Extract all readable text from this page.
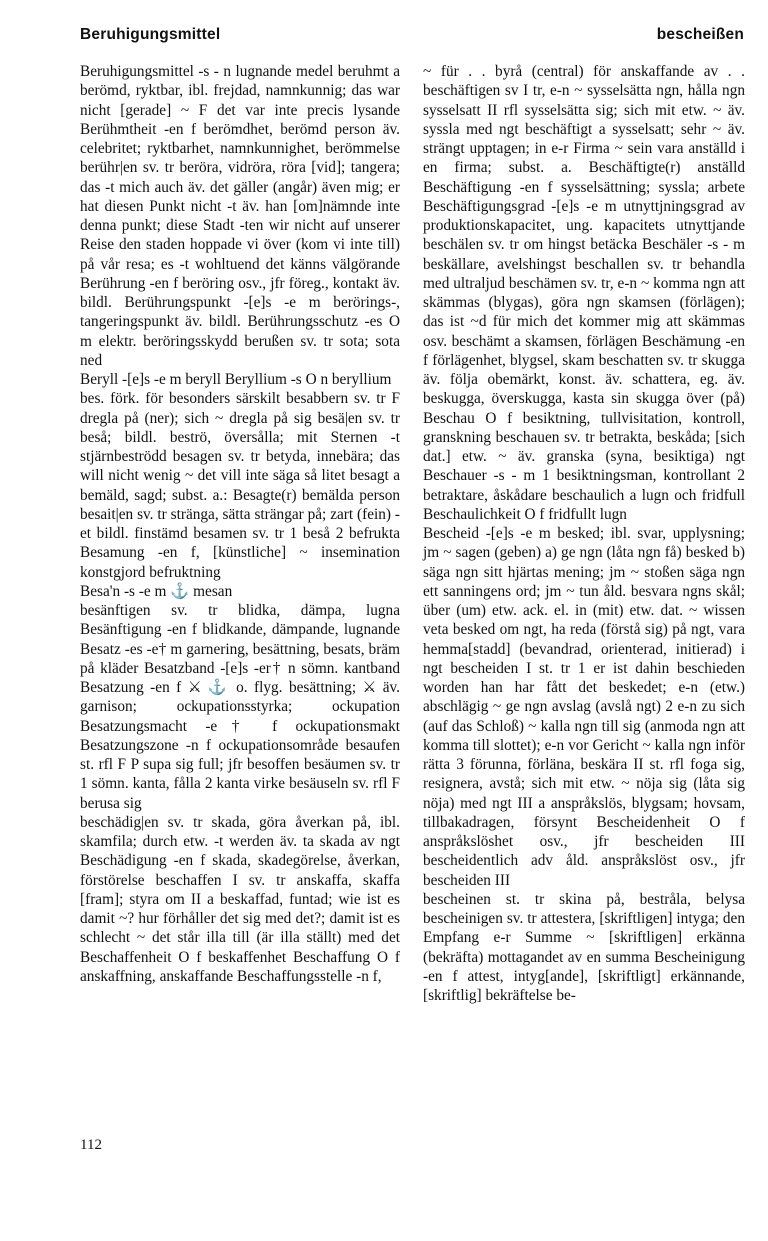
Beruhigungsmittel	bescheißen

Beruhigungsmittel -s - n lugnande medel beruhmt a berömd, ryktbar, ibl. frejdad, namnkunnig; das war nicht [gerade] ~ F det var inte precis lysande Berühmtheit -en f berömdhet, berömd person äv. celebritet; ryktbarhet, namnkunnighet, berömmelse berühr|en sv. tr beröra, vidröra, röra [vid]; tangera; das -t mich auch äv. det gäller (angår) även mig; er hat diesen Punkt nicht -t äv. han [om]nämnde inte denna punkt; diese Stadt -ten wir nicht auf unserer Reise den staden hoppade vi över (kom vi inte till) på vår resa; es -t wohltuend det känns välgörande Berührung -en f beröring osv., jfr föreg., kontakt äv. bildl. Berührungspunkt -[e]s -e m berörings-, tangeringspunkt äv. bildl. Berührungsschutz -es O m elektr. beröringsskydd berußen sv. tr sota; sota ned

Beryll -[e]s -e m beryll Beryllium -s O n beryllium

bes. förk. för besonders särskilt besabbern sv. tr F dregla på (ner); sich ~ dregla på sig besä|en sv. tr beså; bildl. beströ, översålla; mit Sternen -t stjärnbeströdd besagen sv. tr betyda, innebära; das will nicht wenig ~ det vill inte säga så litet besagt a bemäld, sagd; subst. a.: Besagte(r) bemälda person besait|en sv. tr stränga, sätta strängar på; zart (fein) -et bildl. finstämd besamen sv. tr 1 beså 2 befrukta Besamung -en f, [künstliche] ~ insemination konstgjord befruktning

Besa'n -s -e m ⚓ mesan

besänftigen sv. tr blidka, dämpa, lugna Besänftigung -en f blidkande, dämpande, lugnande Besatz -es -e† m garnering, besättning, besats, bräm på kläder Besatzband -[e]s -er† n sömn. kantband Besatzung -en f ⚔ ⚓ o. flyg. besättning; ⚔ äv. garnison; ockupationsstyrka; ockupation Besatzungsmacht -e† f ockupationsmakt Besatzungszone -n f ockupationsområde besaufen st. rfl F P supa sig full; jfr besoffen besäumen sv. tr 1 sömn. kanta, fålla 2 kanta virke besäuseln sv. rfl F berusa sig

beschädig|en sv. tr skada, göra åverkan på, ibl. skamfila; durch etw. -t werden äv. ta skada av ngt Beschädigung -en f skada, skadegörelse, åverkan, förstörelse beschaffen I sv. tr anskaffa, skaffa [fram]; styra om II a beskaffad, funtad; wie ist es damit ~? hur förhåller det sig med det?; damit ist es schlecht ~ det står illa till (är illa ställt) med det Beschaffenheit O f beskaffenhet Beschaffung O f anskaffning, anskaffande Beschaffungsstelle -n f,

~ für . . byrå (central) för anskaffande av . . beschäftigen sv I tr, e-n ~ sysselsätta ngn, hålla ngn sysselsatt II rfl sysselsätta sig; sich mit etw. ~ äv. syssla med ngt beschäftigt a sysselsatt; sehr ~ äv. strängt upptagen; in e-r Firma ~ sein vara anställd i en firma; subst. a. Beschäftigte(r) anställd Beschäftigung -en f sysselsättning; syssla; arbete Beschäftigungsgrad -[e]s -e m utnyttjningsgrad av produktionskapacitet, ung. kapacitets utnyttjande beschälen sv. tr om hingst betäcka Beschäler -s - m beskällare, avelshingst beschallen sv. tr behandla med ultraljud beschämen sv. tr, e-n ~ komma ngn att skämmas (blygas), göra ngn skamsen (förlägen); das ist ~d für mich det kommer mig att skämmas osv. beschämt a skamsen, förlägen Beschämung -en f förlägenhet, blygsel, skam beschatten sv. tr skugga äv. följa obemärkt, konst. äv. schattera, eg. äv. beskugga, överskugga, kasta sin skugga över (på) Beschau O f besiktning, tullvisitation, kontroll, granskning beschauen sv. tr betrakta, beskåda; [sich dat.] etw. ~ äv. granska (syna, besiktiga) ngt Beschauer -s - m 1 besiktningsman, kontrollant 2 betraktare, åskådare beschaulich a lugn och fridfull Beschaulichkeit O f fridfullt lugn

Bescheid -[e]s -e m besked; ibl. svar, upplysning; jm ~ sagen (geben) a) ge ngn (låta ngn få) besked b) säga ngn sitt hjärtas mening; jm ~ stoßen säga ngn ett sanningens ord; jm ~ tun åld. besvara ngns skål; über (um) etw. ack. el. in (mit) etw. dat. ~ wissen veta besked om ngt, ha reda (förstå sig) på ngt, vara hemma[stadd] (bevandrad, orienterad, initierad) i ngt bescheiden I st. tr 1 er ist dahin beschieden worden han har fått det beskedet; e-n (etw.) abschlägig ~ ge ngn avslag (avslå ngt) 2 e-n zu sich (auf das Schloß) ~ kalla ngn till sig (anmoda ngn att komma till slottet); e-n vor Gericht ~ kalla ngn inför rätta 3 förunna, förläna, beskära II st. rfl foga sig, resignera, avstå; sich mit etw. ~ nöja sig (låta sig nöja) med ngt III a anspråkslös, blygsam; hovsam, tillbakadragen, försynt Bescheidenheit O f anspråkslöshet osv., jfr bescheiden III bescheidentlich adv åld. anspråkslöst osv., jfr bescheiden III

bescheinen st. tr skina på, bestråla, belysa bescheinigen sv. tr attestera, [skriftligen] intyga; den Empfang e-r Summe ~ [skriftligen] erkänna (bekräfta) mottagandet av en summa Bescheinigung -en f attest, intyg[ande], [skriftligt] erkännande, [skriftlig] bekräftelse be-

112
